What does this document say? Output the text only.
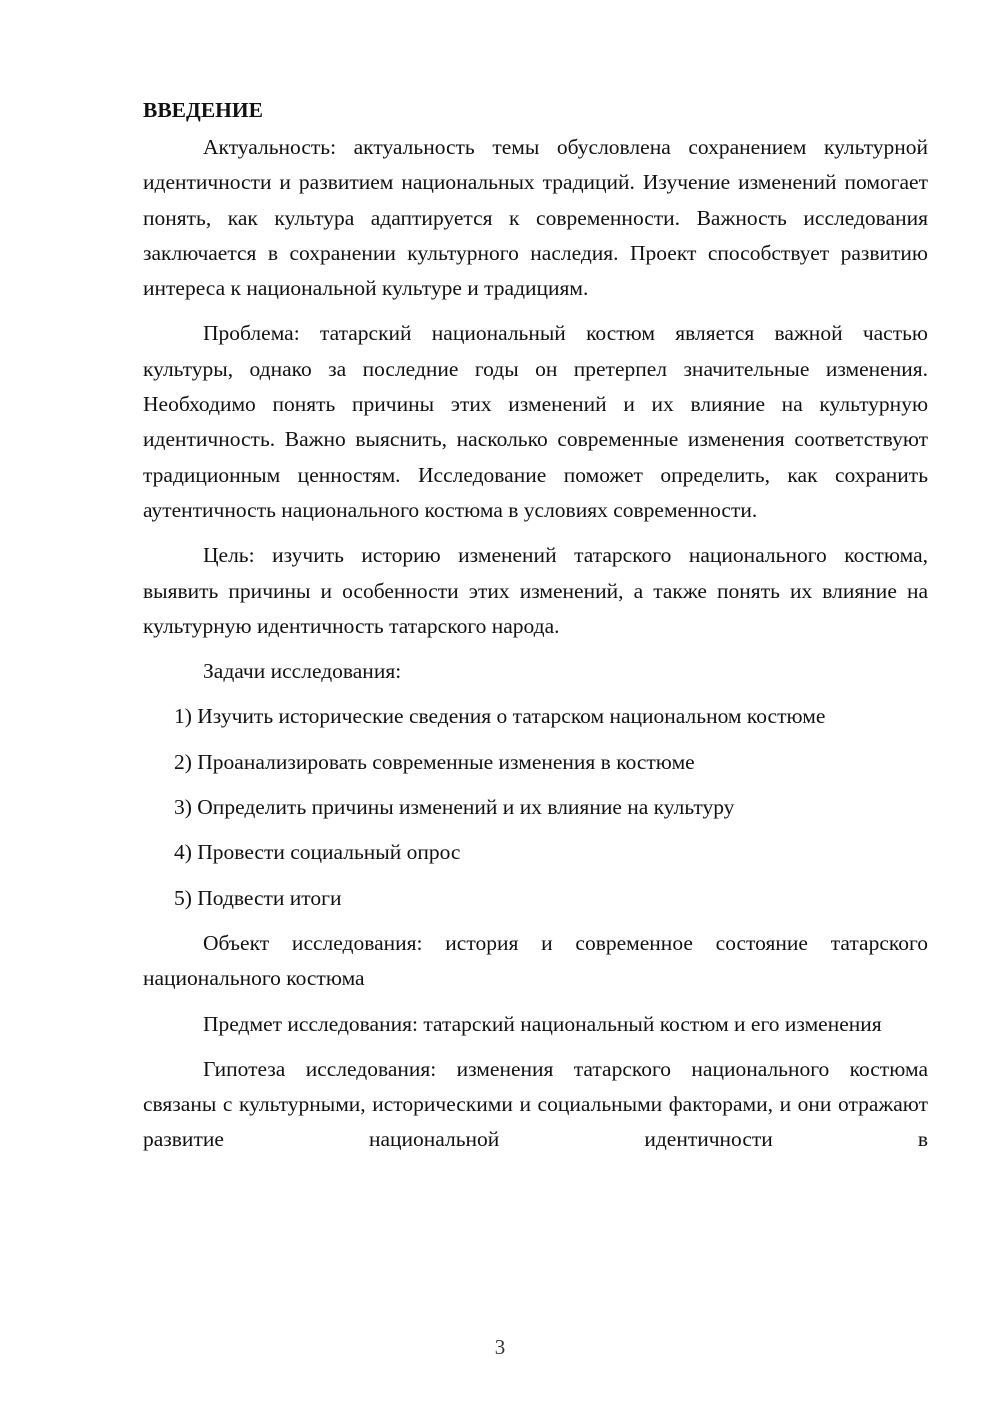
ВВЕДЕНИЕ

Актуальность: актуальность темы обусловлена сохранением культурной идентичности и развитием национальных традиций. Изучение изменений помогает понять, как культура адаптируется к современности. Важность исследования заключается в сохранении культурного наследия. Проект способствует развитию интереса к национальной культуре и традициям.

Проблема: татарский национальный костюм является важной частью культуры, однако за последние годы он претерпел значительные изменения. Необходимо понять причины этих изменений и их влияние на культурную идентичность. Важно выяснить, насколько современные изменения соответствуют традиционным ценностям. Исследование поможет определить, как сохранить аутентичность национального костюма в условиях современности.

Цель: изучить историю изменений татарского национального костюма, выявить причины и особенности этих изменений, а также понять их влияние на культурную идентичность татарского народа.

Задачи исследования:

1) Изучить исторические сведения о татарском национальном костюме

2) Проанализировать современные изменения в костюме

3) Определить причины изменений и их влияние на культуру

4) Провести социальный опрос

5) Подвести итоги

Объект исследования: история и современное состояние татарского национального костюма

Предмет исследования: татарский национальный костюм и его изменения

Гипотеза исследования: изменения татарского национального костюма связаны с культурными, историческими и социальными факторами, и они отражают развитие национальной идентичности в

3
